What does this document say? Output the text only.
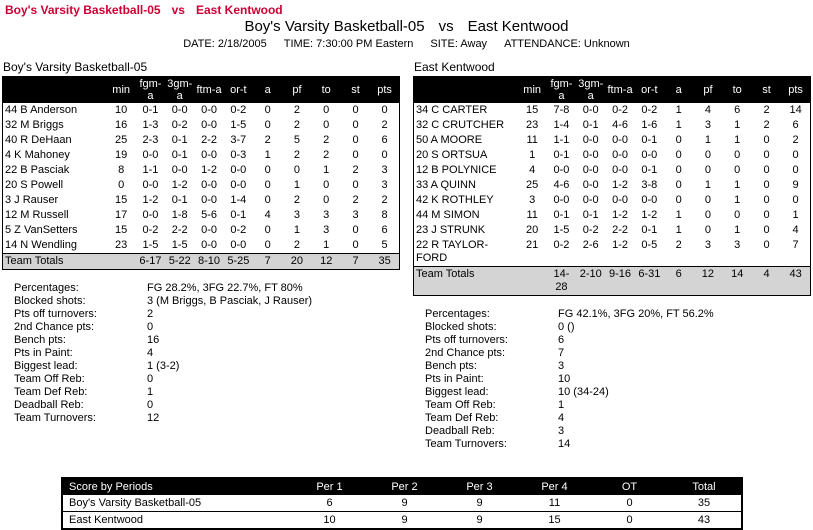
Boy's Varsity Basketball-05 vs East Kentwood
Boy's Varsity Basketball-05 vs East Kentwood
DATE: 2/18/2005 TIME: 7:30:00 PM Eastern SITE: Away ATTENDANCE: Unknown
Boy's Varsity Basketball-05
	min	fgm-a	3gm-a	ftm-a	or-t	a	pf	to	st	pts
44 B Anderson	10	0-1	0-0	0-0	0-2	0	2	0	0	0
32 M Briggs	16	1-3	0-2	0-0	1-5	0	2	0	0	2
40 R DeHaan	25	2-3	0-1	2-2	3-7	2	5	2	0	6
4 K Mahoney	19	0-0	0-1	0-0	0-3	1	2	2	0	0
22 B Pasciak	8	1-1	0-0	1-2	0-0	0	0	1	2	3
20 S Powell	0	0-0	1-2	0-0	0-0	0	1	0	0	3
3 J Rauser	15	1-2	0-1	0-0	1-4	0	2	0	2	2
12 M Russell	17	0-0	1-8	5-6	0-1	4	3	3	3	8
5 Z VanSetters	15	0-2	2-2	0-0	0-2	0	1	3	0	6
14 N Wendling	23	1-5	1-5	0-0	0-0	0	2	1	0	5
Team Totals		6-17	5-22	8-10	5-25	7	20	12	7	35
Percentages:	FG 28.2%, 3FG 22.7%, FT 80%
Blocked shots:	3 (M Briggs, B Pasciak, J Rauser)
Pts off turnovers:	2
2nd Chance pts:	0
Bench pts:	16
Pts in Paint:	4
Biggest lead:	1 (3-2)
Team Off Reb:	0
Team Def Reb:	1
Deadball Reb:	0
Team Turnovers:	12
East Kentwood
	min	fgm-a	3gm-a	ftm-a	or-t	a	pf	to	st	pts
34 C CARTER	15	7-8	0-0	0-2	0-2	1	4	6	2	14
32 C CRUTCHER	23	1-4	0-1	4-6	1-6	1	3	1	2	6
50 A MOORE	11	1-1	0-0	0-0	0-1	0	1	1	0	2
20 S ORTSUA	1	0-1	0-0	0-0	0-0	0	0	0	0	0
12 B POLYNICE	4	0-0	0-0	0-0	0-1	0	0	0	0	0
33 A QUINN	25	4-6	0-0	1-2	3-8	0	1	1	0	9
42 K ROTHLEY	3	0-0	0-0	0-0	0-0	0	0	1	0	0
44 M SIMON	11	0-1	0-1	1-2	1-2	1	0	0	0	1
23 J STRUNK	20	1-5	0-2	2-2	0-1	1	0	1	0	4
22 R TAYLOR-FORD	21	0-2	2-6	1-2	0-5	2	3	3	0	7
Team Totals		14-28	2-10	9-16	6-31	6	12	14	4	43
Percentages:	FG 42.1%, 3FG 20%, FT 56.2%
Blocked shots:	0 ()
Pts off turnovers:	6
2nd Chance pts:	7
Bench pts:	3
Pts in Paint:	10
Biggest lead:	10 (34-24)
Team Off Reb:	1
Team Def Reb:	4
Deadball Reb:	3
Team Turnovers:	14
Score by Periods	Per 1	Per 2	Per 3	Per 4	OT	Total
Boy's Varsity Basketball-05	6	9	9	11	0	35
East Kentwood	10	9	9	15	0	43
